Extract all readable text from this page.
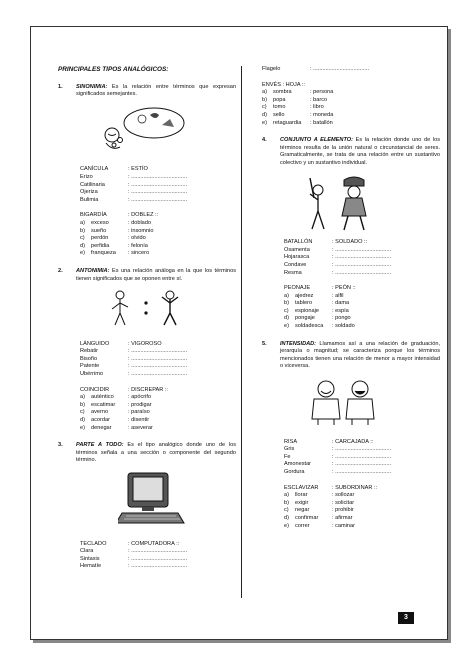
PRINCIPALES TIPOS ANALÓGICOS:
1.	SINONIMIA: Es la relación entre términos que expresan significados semejantes.
CANÍCULA	: ESTÍO
Erizo	: ....................................
Catilinaria	: ....................................
Ojeriza	: ....................................
Bulimia	: ....................................
BIGARDÍA	: DOBLEZ ::
a)	exceso	: doblado
b)	sueño	: insomnio
c)	perdón	: olvido
d)	perfidia	: felonía
e)	franqueza	: sincero
2.	ANTONIMIA: Es una relación análoga en la que los términos tienen significados que se oponen entre sí.
LÁNGUIDO	: VIGOROSO
Rebatir	: ....................................
Bisoño	: ....................................
Patente	: ....................................
Ubérrimo	: ....................................
COINCIDIR	: DISCREPAR ::
a)	auténtico	: apócrifo
b)	escatimar	: prodigar
c)	averno	: paraíso
d)	acordar	: disentir
e)	denegar	: aseverar
3.	PARTE A TODO: Es el tipo analógico donde uno de los términos señala a una sección o componente del segundo término.
TECLADO	: COMPUTADORA ::
Clara	: ....................................
Sintaxis	: ....................................
Hematíe	: ....................................
Flagelo	: ....................................
ENVÉS
: HOJA ::
a)	sombra	: persona
b)	popa	: barco
c)	tomo	: libro
d)	sello	: moneda
e)	retaguardia	: batallón
4.	CONJUNTO A ELEMENTO: Es la relación donde uno de los términos resulta de la unión natural o circunstancial de seres. Gramaticalmente, se trata de una relación entre un sustantivo colectivo y un sustantivo individual.
BATALLÓN	: SOLDADO ::
Osamenta	: ....................................
Hojarasca	: ....................................
Condave	: ....................................
Resma	: ....................................
PEONAJE	: PEÓN ::
a)	ajedrez	: alfil
b)	tablero	: dama
c)	espionaje	: espía
d)	pongaje	: pongo
e)	soldadesca	: soldado
5.	INTENSIDAD: Llamamos así a una relación de graduación, jerarquía o magnitud; se caracteriza porque los términos mencionados tienen una relación de menor a mayor intensidad o viceversa.
RISA	: CARCAJADA ::
Gris	: ....................................
Fe	: ....................................
Amonestar	: ....................................
Gordura	: ....................................
ESCLAVIZAR	: SUBORDINAR ::
a)	llorar	: sollozar
b)	exigir	: solicitar
c)	negar	: prohibir
d)	confirmar	: afirmar
e)	correr	: caminar
3
